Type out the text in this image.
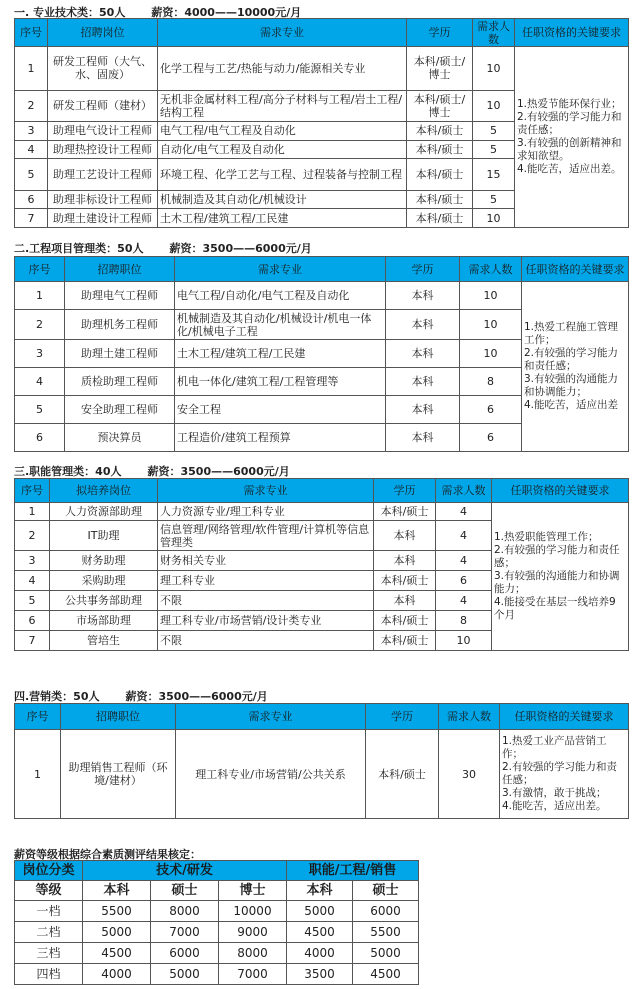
一. 专业技术类：50人 薪资：4000——10000元/月
序号	招聘岗位	需求专业	学历	需求人数	任职资格的关键要求
1	研发工程师（大气、水、固废）	化学工程与工艺/热能与动力/能源相关专业	本科/硕士/博士	10	1.热爱节能环保行业；
2.有较强的学习能力和责任感；
3.有较强的创新精神和求知欲望。
4.能吃苦，适应出差。
2	研发工程师（建材）	无机非金属材料工程/高分子材料与工程/岩土工程/结构工程	本科/硕士/博士	10	
3	助理电气设计工程师	电气工程/电气工程及自动化	本科/硕士	5	
4	助理热控设计工程师	自动化/电气工程及自动化	本科/硕士	5	
5	助理工艺设计工程师	环境工程、化学工艺与工程、过程装备与控制工程	本科/硕士	15	
6	助理非标设计工程师	机械制造及其自动化/机械设计	本科/硕士	5	
7	助理土建设计工程师	土木工程/建筑工程/工民建	本科/硕士	10	
二.工程项目管理类：50人 薪资：3500——6000元/月
序号	招聘职位	需求专业	学历	需求人数	任职资格的关键要求
1	助理电气工程师	电气工程/自动化/电气工程及自动化	本科	10	1.热爱工程施工管理工作；
2.有较强的学习能力和责任感；
3.有较强的沟通能力和协调能力；
4.能吃苦，适应出差
2	助理机务工程师	机械制造及其自动化/机械设计/机电一体化/机械电子工程	本科	10	
3	助理土建工程师	土木工程/建筑工程/工民建	本科	10	
4	质检助理工程师	机电一体化/建筑工程/工程管理等	本科	8	
5	安全助理工程师	安全工程	本科	6	
6	预决算员	工程造价/建筑工程预算	本科	6	
三.职能管理类：40人 薪资：3500——6000元/月
序号	拟培养岗位	需求专业	学历	需求人数	任职资格的关键要求
1	人力资源部助理	人力资源专业/理工科专业	本科/硕士	4	1.热爱职能管理工作；
2.有较强的学习能力和责任感；
3.有较强的沟通能力和协调能力；
4.能接受在基层一线培养9个月
2	IT助理	信息管理/网络管理/软件管理/计算机等信息管理类	本科	4	
3	财务助理	财务相关专业	本科	4	
4	采购助理	理工科专业	本科/硕士	6	
5	公共事务部助理	不限	本科	4	
6	市场部助理	理工科专业/市场营销/设计类专业	本科/硕士	8	
7	管培生	不限	本科/硕士	10	
四.营销类：50人 薪资：3500——6000元/月
序号	招聘职位	需求专业	学历	需求人数	任职资格的关键要求
1	助理销售工程师（环境/建材）	理工科专业/市场营销/公共关系	本科/硕士	30	1.热爱工业产品营销工作；
2.有较强的学习能力和责任感；
3.有激情，敢于挑战；
4.能吃苦，适应出差。
薪资等级根据综合素质测评结果核定：
岗位分类	技术/研发			职能/工程/销售	
等级	本科	硕士	博士	本科	硕士
一档	5500	8000	10000	5000	6000
二档	5000	7000	9000	4500	5500
三档	4500	6000	8000	4000	5000
四档	4000	5000	7000	3500	4500
